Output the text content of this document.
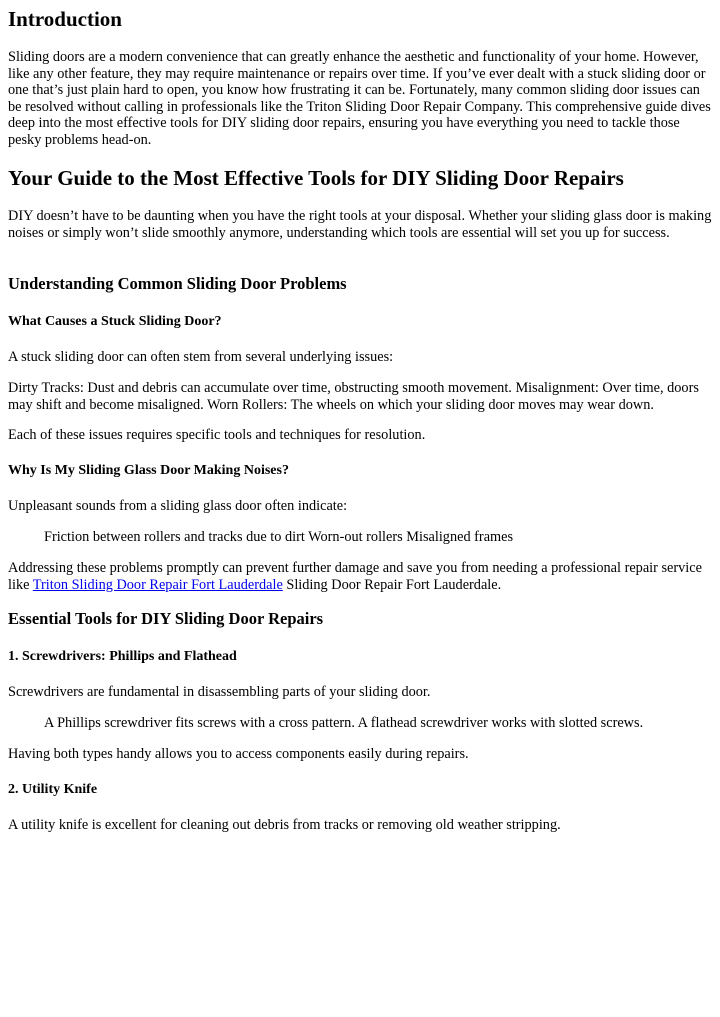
Introduction

Sliding doors are a modern convenience that can greatly enhance the aesthetic and functionality of your home. However, like any other feature, they may require maintenance or repairs over time. If you’ve ever dealt with a stuck sliding door or one that’s just plain hard to open, you know how frustrating it can be. Fortunately, many common sliding door issues can be resolved without calling in professionals like the Triton Sliding Door Repair Company. This comprehensive guide dives deep into the most effective tools for DIY sliding door repairs, ensuring you have everything you need to tackle those pesky problems head-on.

Your Guide to the Most Effective Tools for DIY Sliding Door Repairs

DIY doesn’t have to be daunting when you have the right tools at your disposal. Whether your sliding glass door is making noises or simply won’t slide smoothly anymore, understanding which tools are essential will set you up for success.

Understanding Common Sliding Door Problems
What Causes a Stuck Sliding Door?

A stuck sliding door can often stem from several underlying issues:

Dirty Tracks: Dust and debris can accumulate over time, obstructing smooth movement. Misalignment: Over time, doors may shift and become misaligned. Worn Rollers: The wheels on which your sliding door moves may wear down.

Each of these issues requires specific tools and techniques for resolution.

Why Is My Sliding Glass Door Making Noises?

Unpleasant sounds from a sliding glass door often indicate:

Friction between rollers and tracks due to dirt Worn-out rollers Misaligned frames

Addressing these problems promptly can prevent further damage and save you from needing a professional repair service like Triton Sliding Door Repair Fort Lauderdale Sliding Door Repair Fort Lauderdale.

Essential Tools for DIY Sliding Door Repairs
1. Screwdrivers: Phillips and Flathead

Screwdrivers are fundamental in disassembling parts of your sliding door.

A Phillips screwdriver fits screws with a cross pattern. A flathead screwdriver works with slotted screws.

Having both types handy allows you to access components easily during repairs.

2. Utility Knife

A utility knife is excellent for cleaning out debris from tracks or removing old weather stripping.
